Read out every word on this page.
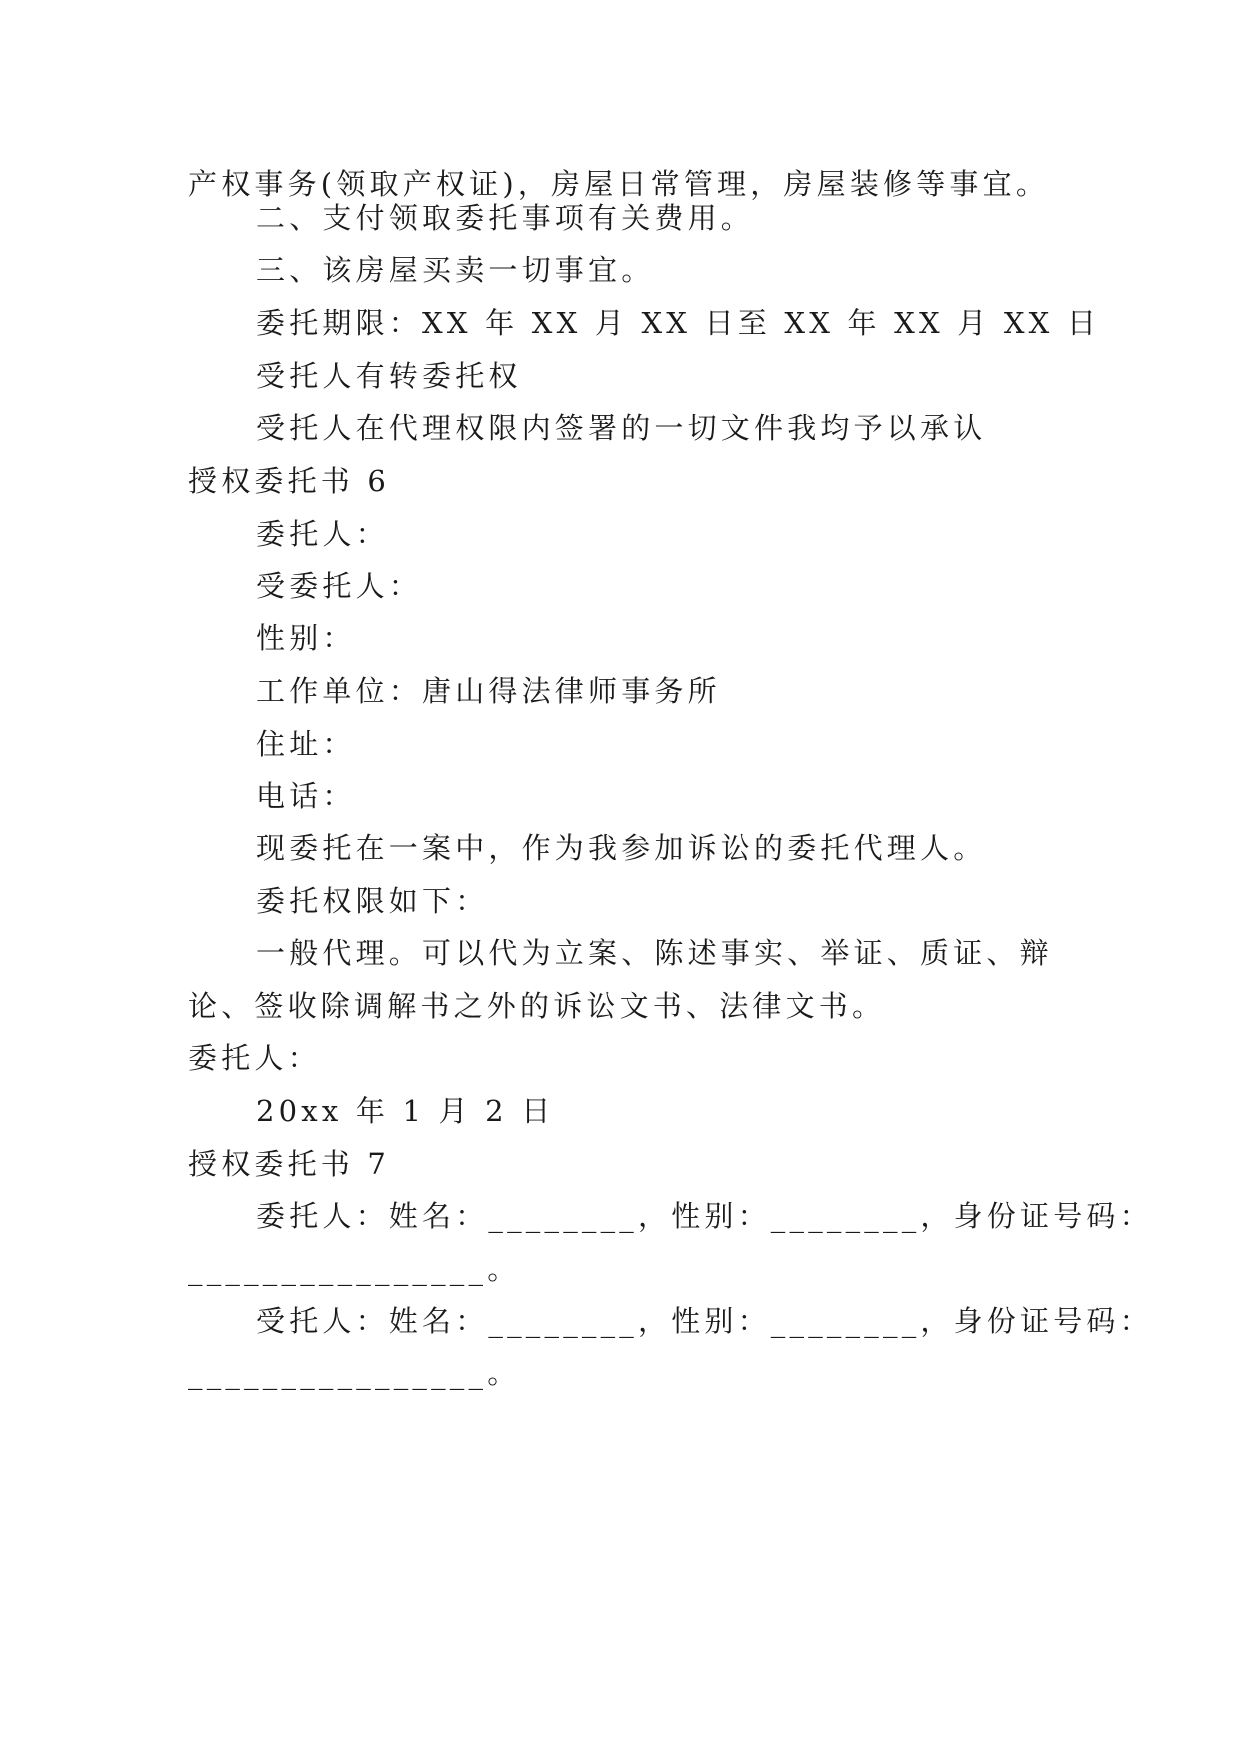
产权事务(领取产权证)，房屋日常管理，房屋装修等事宜。
二、支付领取委托事项有关费用。
三、该房屋买卖一切事宜。
委托期限：XX 年 XX 月 XX 日至 XX 年 XX 月 XX 日
受托人有转委托权
受托人在代理权限内签署的一切文件我均予以承认
授权委托书 6
委托人：
受委托人：
性别：
工作单位：唐山得法律师事务所
住址：
电话：
现委托在一案中，作为我参加诉讼的委托代理人。
委托权限如下：
一般代理。可以代为立案、陈述事实、举证、质证、辩
论、签收除调解书之外的诉讼文书、法律文书。
委托人：
20xx 年 1 月 2 日
授权委托书 7
委托人：姓名：________，性别：________，身份证号码：
________________。
受托人：姓名：________，性别：________，身份证号码：
________________。
